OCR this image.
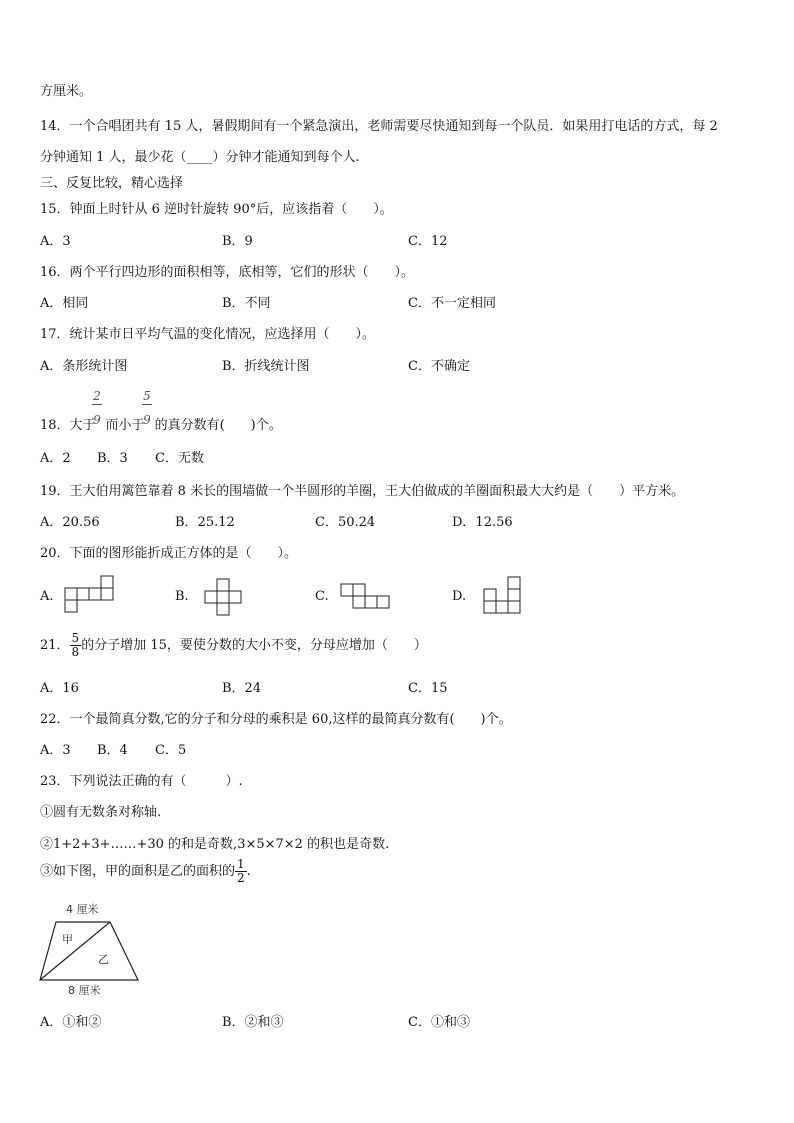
方厘米。
14．一个合唱团共有 15 人，暑假期间有一个紧急演出，老师需要尽快通知到每一个队员．如果用打电话的方式，每 2
分钟通知 1 人，最少花（____）分钟才能通知到每个人.
三、反复比较，精心选择
15．钟面上时针从 6 逆时针旋转 90°后，应该指着（　　）。
A．3	B．9	C．12
16．两个平行四边形的面积相等，底相等，它们的形状（　　）。
A．相同	B．不同	C．不一定相同
17．统计某市日平均气温的变化情况，应选择用（　　）。
A．条形统计图	B．折线统计图	C．不确定
18．大于 而小于 的真分数有(　　)个。
2
9
5
9
A．2 B．3 C．无数
19．王大伯用篱笆靠着 8 米长的围墙做一个半圆形的羊圈，王大伯做成的羊圈面积最大大约是（　　）平方米。
A．20.56	B．25.12	C．50.24	D．12.56
20．下面的图形能折成正方体的是（　　）。
A.	B.	C.	D.
21． $\frac{5}{8}$ 的分子增加 15，要使分数的大小不变，分母应增加（　　）
A．16	B．24	C．15
22．一个最简真分数,它的分子和分母的乘积是 60,这样的最简真分数有(　　)个。
A．3 B．4 C．5
23．下列说法正确的有（　　　）.
①圆有无数条对称轴.
②1+2+3+……+30 的和是奇数,3×5×7×2 的积也是奇数.
③如下图，甲的面积是乙的面积的 $\frac{1}{2}$ .
4 厘米
甲
乙
8 厘米
A．①和②	B．②和③	C．①和③
